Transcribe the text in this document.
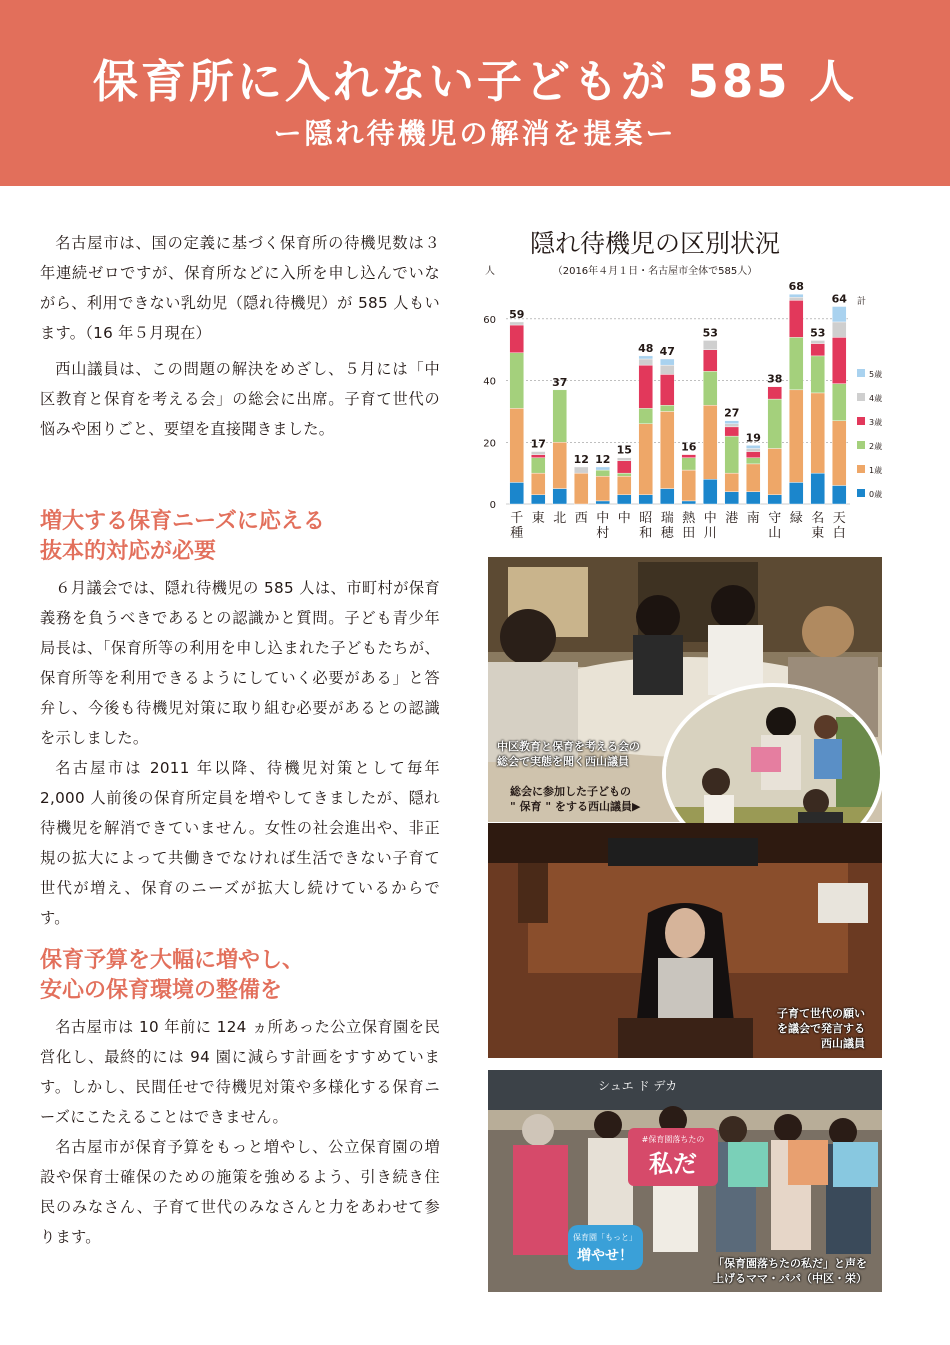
保育所に入れない子どもが 585 人
ー隠れ待機児の解消を提案ー

名古屋市は、国の定義に基づく保育所の待機児数は３年連続ゼロですが、保育所などに入所を申し込んでいながら、利用できない乳幼児（隠れ待機児）が 585 人もいます。（16 年５月現在）

西山議員は、この問題の解決をめざし、５月には「中区教育と保育を考える会」の総会に出席。子育て世代の悩みや困りごと、要望を直接聞きました。

増大する保育ニーズに応える
抜本的対応が必要

６月議会では、隠れ待機児の 585 人は、市町村が保育義務を負うべきであるとの認識かと質問。子ども青少年局長は、「保育所等の利用を申し込まれた子どもたちが、保育所等を利用できるようにしていく必要がある」と答弁し、今後も待機児対策に取り組む必要があるとの認識を示しました。

名古屋市は 2011 年以降、待機児対策として毎年 2,000 人前後の保育所定員を増やしてきましたが、隠れ待機児を解消できていません。女性の社会進出や、非正規の拡大によって共働きでなければ生活できない子育て世代が増え、保育のニーズが拡大し続けているからです。

保育予算を大幅に増やし、
安心の保育環境の整備を

名古屋市は 10 年前に 124 ヵ所あった公立保育園を民営化し、最終的には 94 園に減らす計画をすすめています。しかし、民間任せで待機児対策や多様化する保育ニーズにこたえることはできません。

名古屋市が保育予算をもっと増やし、公立保育園の増設や保育士確保のための施策を強めるよう、引き続き住民のみなさん、子育て世代のみなさんと力をあわせて参ります。

隠れ待機児の区別状況
（2016年４月１日・名古屋市全体で585人）
人
計
0
20
40
60 59
17
37
12 12
15
48 47
16
53
27
19
38
68
53
64
0歳
1歳
2歳
3歳
4歳
5歳
千
種
東 北 西 中
村
中 昭
和
瑞
穂
熱
田
中
川
港 南 守
山
緑 名
東
天
白
中区教育と保育を考える会の
総会で実態を聞く西山議員
総会に参加した子どもの
" 保育 " をする西山議員▶
子育て世代の願い
を議会で発言する
西山議員
シュエ ド デカ
#保育園落ちたの
私だ
保育園「もっと」
増やせ！	「保育園落ちたの私だ」と声を
上げるママ・パパ（中区・栄）
